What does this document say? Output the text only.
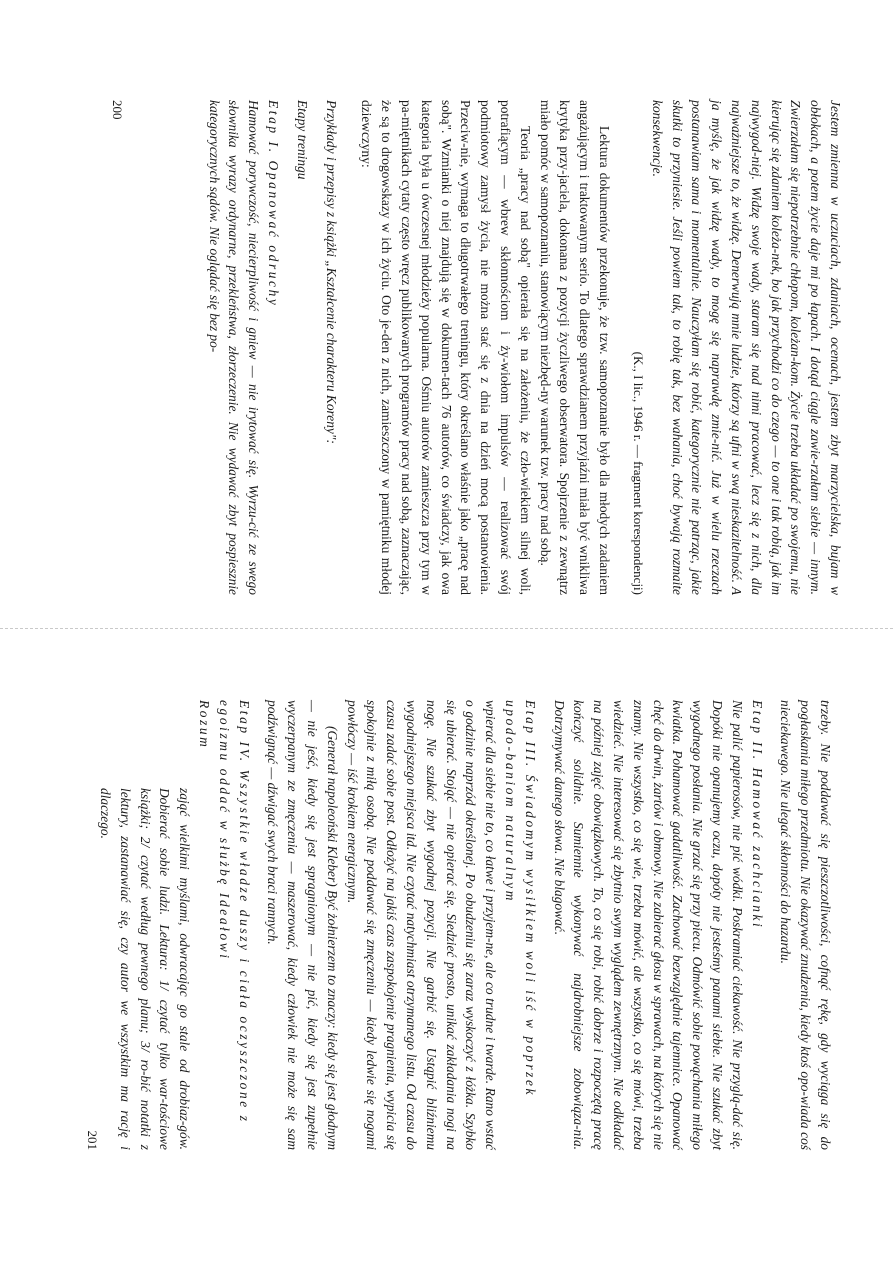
Jestem zmienna w uczuciach, zdaniach, ocenach, jestem zbyt marzycielska, bujam w obłokach, a potem życie daje mi po łapach. I dotąd ciągle zawie-rzałam siebie — innym. Zwierzałam się niepotrzebnie chłopom, koleżan-kom. Życie trzeba układać po swojemu, nie kierując się zdaniem koleża-nek, bo jak przychodzi co do czego — to one i tak robią, jak im najwygod-niej. Widzę swoje wady, staram się nad nimi pracować, lecz się z nich, dla najważniejsze to, że widzę. Denerwują mnie ludzie, którzy są ufni w swą nieskazitelność. A ja myślę, że jak widzę wady, to mogę się naprawdę zmie-nić. Już w wielu rzeczach postanawiam sama i momentalnie. Nauczyłam się robić, kategorycznie nie patrząc, jakie skutki to przyniesie. Jeśli powiem tak, to robię tak, bez wahania, choć bywają rozmaite konsekwencje.

(K., I lic., 1946 r. — fragment korespondencji)

Lektura dokumentów przekonuje, że tzw. samopoznanie było dla młodych zadaniem angażującym i traktowanym serio. To dlatego sprawdzianem przyjaźni miała być wnikliwa krytyka przy-jaciela, dokonana z pozycji życzliwego obserwatora. Spojrzenie z zewnątrz miało pomóc w samopoznaniu, stanowiącym niezbęd-ny warunek tzw. pracy nad sobą.

Teoria „pracy nad sobą" opierała się na założeniu, że czło-wiekiem silnej woli, potrafiącym — wbrew skłonnościom i ży-wiołom impulsów — realizować swój podmiotowy zamysł życia, nie można stać się z dnia na dzień mocą postanowienia. Przeciw-nie, wymaga to długotrwałego treningu, który określano właśnie jako „pracę nad sobą". Wzmianki o niej znajdują się w dokumen-tach 76 autorów, co świadczy, jak owa kategoria była u ówczesnej młodzieży popularna. Ośmiu autorów zamieszcza przy tym w pa-miętnikach cytaty często wręcz publikowanych programów pracy nad sobą, zaznaczając, że są to drogowskazy w ich życiu. Oto je-den z nich, zamieszczony w pamiętniku młodej dziewczyny:

Przykłady i przepisy z książki „Kształcenie charakteru Koreny":

Etapy treningu

Etap I. Opanować odruchy

Hamować porywczość, niecierpliwość i gniew — nie irytować się. Wyrzu-cić ze swego słownika wyrazy ordynarne, przekleństwa, złorzeczenie. Nie wydawać zbyt pospiesznie kategorycznych sądów. Nie oglądać się bez po-

200

trzeby. Nie poddawać się pieszczotliwości, cofnąć rękę, gdy wyciąga się do pogłaskania miłego przedmiotu. Nie okazywać znudzenia, kiedy ktoś opo-wiada coś nieciekawego. Nie ulegać skłonności do hazardu.

Etap II. Hamować zachcianki

Nie palić papierosów, nie pić wódki. Poskramiać ciekawość. Nie przyglą-dać się. Dopóki nie opanujemy oczu, dopóty nie jesteśmy panami siebie. Nie szukać zbyt wygodnego posłania. Nie grzać się przy piecu. Odmówić sobie powąchania miłego kwiatka. Pohamować gadatliwość. Zachować bezwzględnie tajemnice. Opanować chęć do drwin, żartów i obmowy. Nie zabierać głosu w sprawach, na których się nie znamy. Nie wszystko, co się wie, trzeba mówić, ale wszystko, co się mówi, trzeba wiedzieć. Nie interesować się zbytnio swym wyglądem zewnętrznym. Nie odkładać na później zajęć obowiązkowych. To, co się robi, robić dobrze i rozpoczętą pracę kończyć solidnie. Sumiennie wykonywać najdrobniejsze zobowiąza-nia. Dotrzymywać danego słowa. Nie blagować.

Etap III. Świadomym wysiłkiem woli iść w poprzek upodo-baniom naturalnym

wpierać dla siebie nie to, co łatwe i przyjem-ne, ale co trudne i twarde. Rano wstać o godzinie naprzód określonej. Po obudzeniu się zaraz wyskoczyć z łóżka. Szybko się ubierać. Stojąć — nie opierać się. Siedzieć prosto, unikać zakładania nogi na nogę. Nie szukać zbyt wygodnej pozycji. Nie garbić się. Ustąpić bliźniemu wygodniejszego miejsca itd. Nie czytać natychmiast otrzymanego listu. Od czasu do czasu zadać sobie post. Odłożyć na jakiś czas zaspokojenie pragnienia, wypicia się spokojnie z miłą osobą. Nie poddawać się zmęczeniu — kiedy ledwie się nogami powłóczy — iść krokiem energicznym.

(Generał napoleoński Kleber) Być żołnierzem to znaczy: kiedy się jest głodnym — nie jeść, kiedy się jest spragnionym — nie pić, kiedy się jest zupełnie wyczerpanym ze zmęczenia — maszerować, kiedy człowiek nie może się sam podźwignąć — dźwigać swych braci rannych.

Etap IV. Wszystkie władze duszy i ciała oczyszczone z egoizmu oddać w służbę Ideałowi

Rozum

zająć wielkimi myślami, odwracając go stale od drobiaz-gów. Dobierać sobie ludzi. Lektura: 1/ czytać tylko war-tościowe książki; 2/ czytać według pewnego planu; 3/ ro-bić notatki z lektury, zastanawiać się, czy autor we wszystkim ma rację i dlaczego.

201
